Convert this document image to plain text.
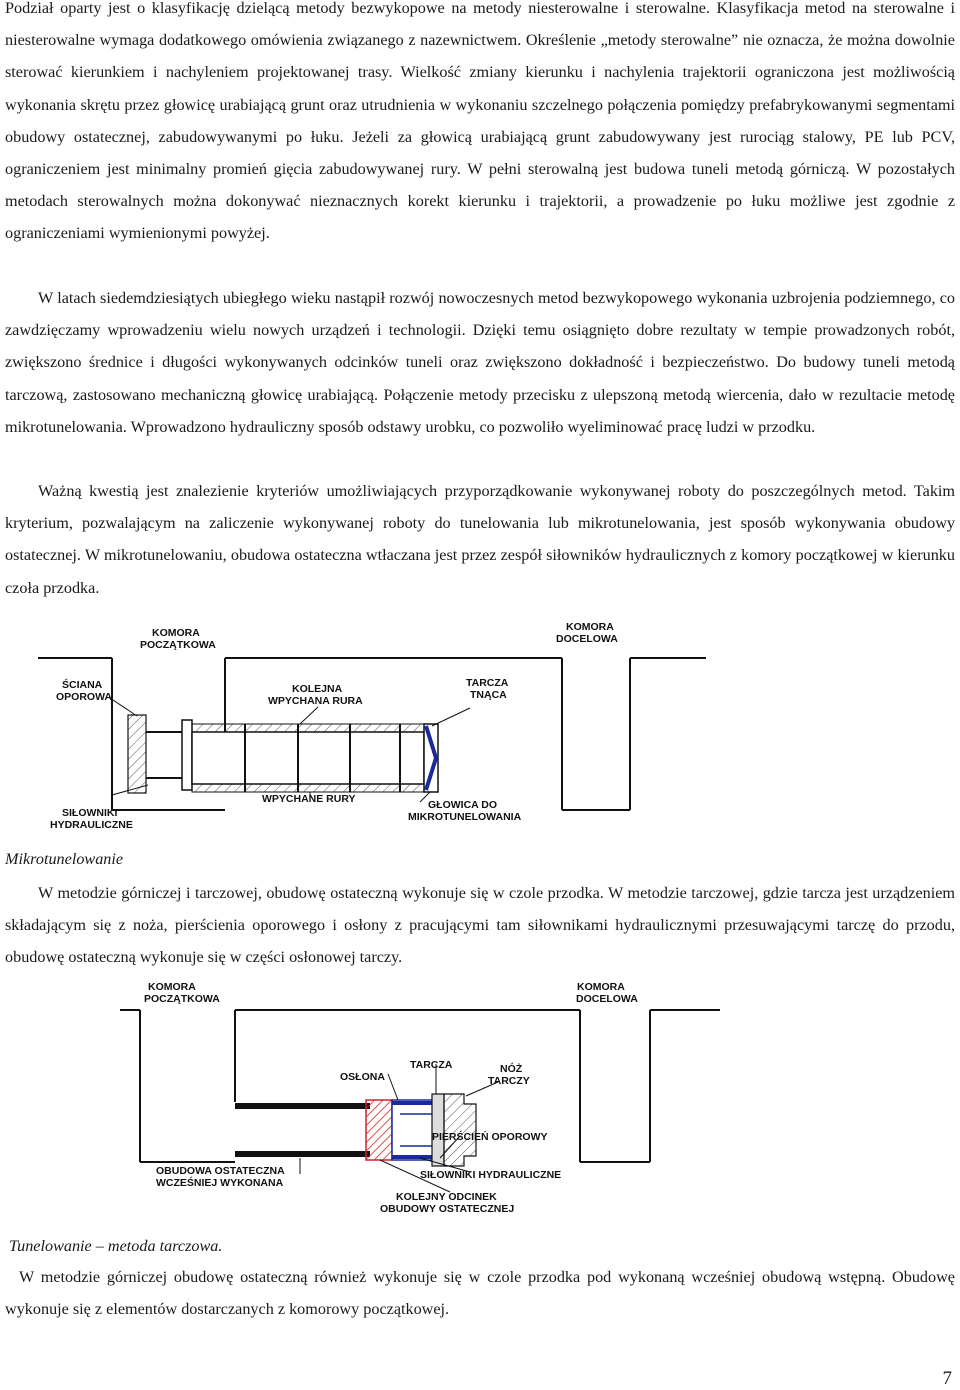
Podział oparty jest o klasyfikację dzielącą metody bezwykopowe na metody niesterowalne i sterowalne. Klasyfikacja metod na sterowalne i niesterowalne wymaga dodatkowego omówienia związanego z nazewnictwem. Określenie „metody sterowalne” nie oznacza, że można dowolnie sterować kierunkiem i nachyleniem projektowanej trasy. Wielkość zmiany kierunku i nachylenia trajektorii ograniczona jest możliwością wykonania skrętu przez głowicę urabiającą grunt oraz utrudnienia w wykonaniu szczelnego połączenia pomiędzy prefabrykowanymi segmentami obudowy ostatecznej, zabudowywanymi po łuku. Jeżeli za głowicą urabiającą grunt zabudowywany jest rurociąg stalowy, PE lub PCV, ograniczeniem jest minimalny promień gięcia zabudowywanej rury. W pełni sterowalną jest budowa tuneli metodą górniczą. W pozostałych metodach sterowalnych można dokonywać nieznacznych korekt kierunku i trajektorii, a prowadzenie po łuku możliwe jest zgodnie z ograniczeniami wymienionymi powyżej.

W latach siedemdziesiątych ubiegłego wieku nastąpił rozwój nowoczesnych metod bezwykopowego wykonania uzbrojenia podziemnego, co zawdzięczamy wprowadzeniu wielu nowych urządzeń i technologii. Dzięki temu osiągnięto dobre rezultaty w tempie prowadzonych robót, zwiększono średnice i długości wykonywanych odcinków tuneli oraz zwiększono dokładność i bezpieczeństwo. Do budowy tuneli metodą tarczową, zastosowano mechaniczną głowicę urabiającą. Połączenie metody przecisku z ulepszoną metodą wiercenia, dało w rezultacie metodę mikrotunelowania. Wprowadzono hydrauliczny sposób odstawy urobku, co pozwoliło wyeliminować pracę ludzi w przodku.

Ważną kwestią jest znalezienie kryteriów umożliwiających przyporządkowanie wykonywanej roboty do poszczególnych metod. Takim kryterium, pozwalającym na zaliczenie wykonywanej roboty do tunelowania lub mikrotunelowania, jest sposób wykonywania obudowy ostatecznej. W mikrotunelowaniu, obudowa ostateczna wtłaczana jest przez zespół siłowników hydraulicznych z komory początkowej w kierunku czoła przodka.

KOMORA
POCZĄTKOWA
KOMORA
DOCELOWA
ŚCIANA
OPOROWA
KOLEJNA
WPYCHANA RURA
TARCZA
TNĄCA
SIŁOWNIKI
HYDRAULICZNE
WPYCHANE RURY	GŁOWICA DO
MIKROTUNELOWANIA

Mikrotunelowanie

W metodzie górniczej i tarczowej, obudowę ostateczną wykonuje się w czole przodka. W metodzie tarczowej, gdzie tarcza jest urządzeniem składającym się z noża, pierścienia oporowego i osłony z pracującymi tam siłownikami hydraulicznymi przesuwającymi tarczę do przodu, obudowę ostateczną wykonuje się w części osłonowej tarczy.

KOMORA
POCZĄTKOWA
KOMORA
DOCELOWA
OSŁONA
TARCZA	NÓŻ
TARCZY
PIERŚCIEŃ OPOROWY
SIŁOWNIKI HYDRAULICZNE
OBUDOWA OSTATECZNA
WCZEŚNIEJ WYKONANA
KOLEJNY ODCINEK
OBUDOWY OSTATECZNEJ

Tunelowanie – metoda tarczowa.

W metodzie górniczej obudowę ostateczną również wykonuje się w czole przodka pod wykonaną wcześniej obudową wstępną. Obudowę wykonuje się z elementów dostarczanych z komorowy początkowej.

7
